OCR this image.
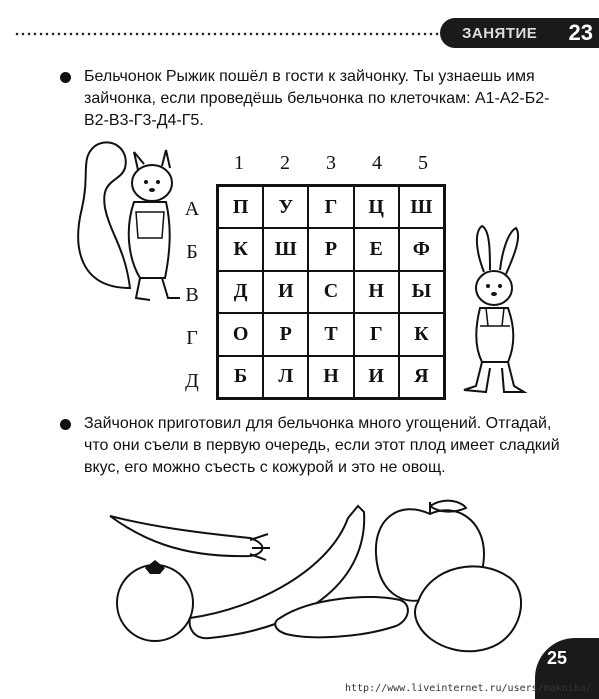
ЗАНЯТИЕ 23
Бельчонок Рыжик пошёл в гости к зайчонку. Ты узнаешь имя зайчонка, если проведёшь бельчонка по клеточкам: А1-А2-Б2-В2-В3-Г3-Д4-Г5.
1	2	3	4	5
А
Б
В
Г
Д
П	У	Г	Ц	Ш
К	Ш	Р	Е	Ф
Д	И	С	Н	Ы
О	Р	Т	Г	К
Б	Л	Н	И	Я
Зайчонок приготовил для бельчонка много угощений. Отгадай, что они съели в первую очередь, если этот плод имеет сладкий вкус, его можно съесть с кожурой и это не овощ.
25
http://www.liveinternet.ru/users/maknika/
